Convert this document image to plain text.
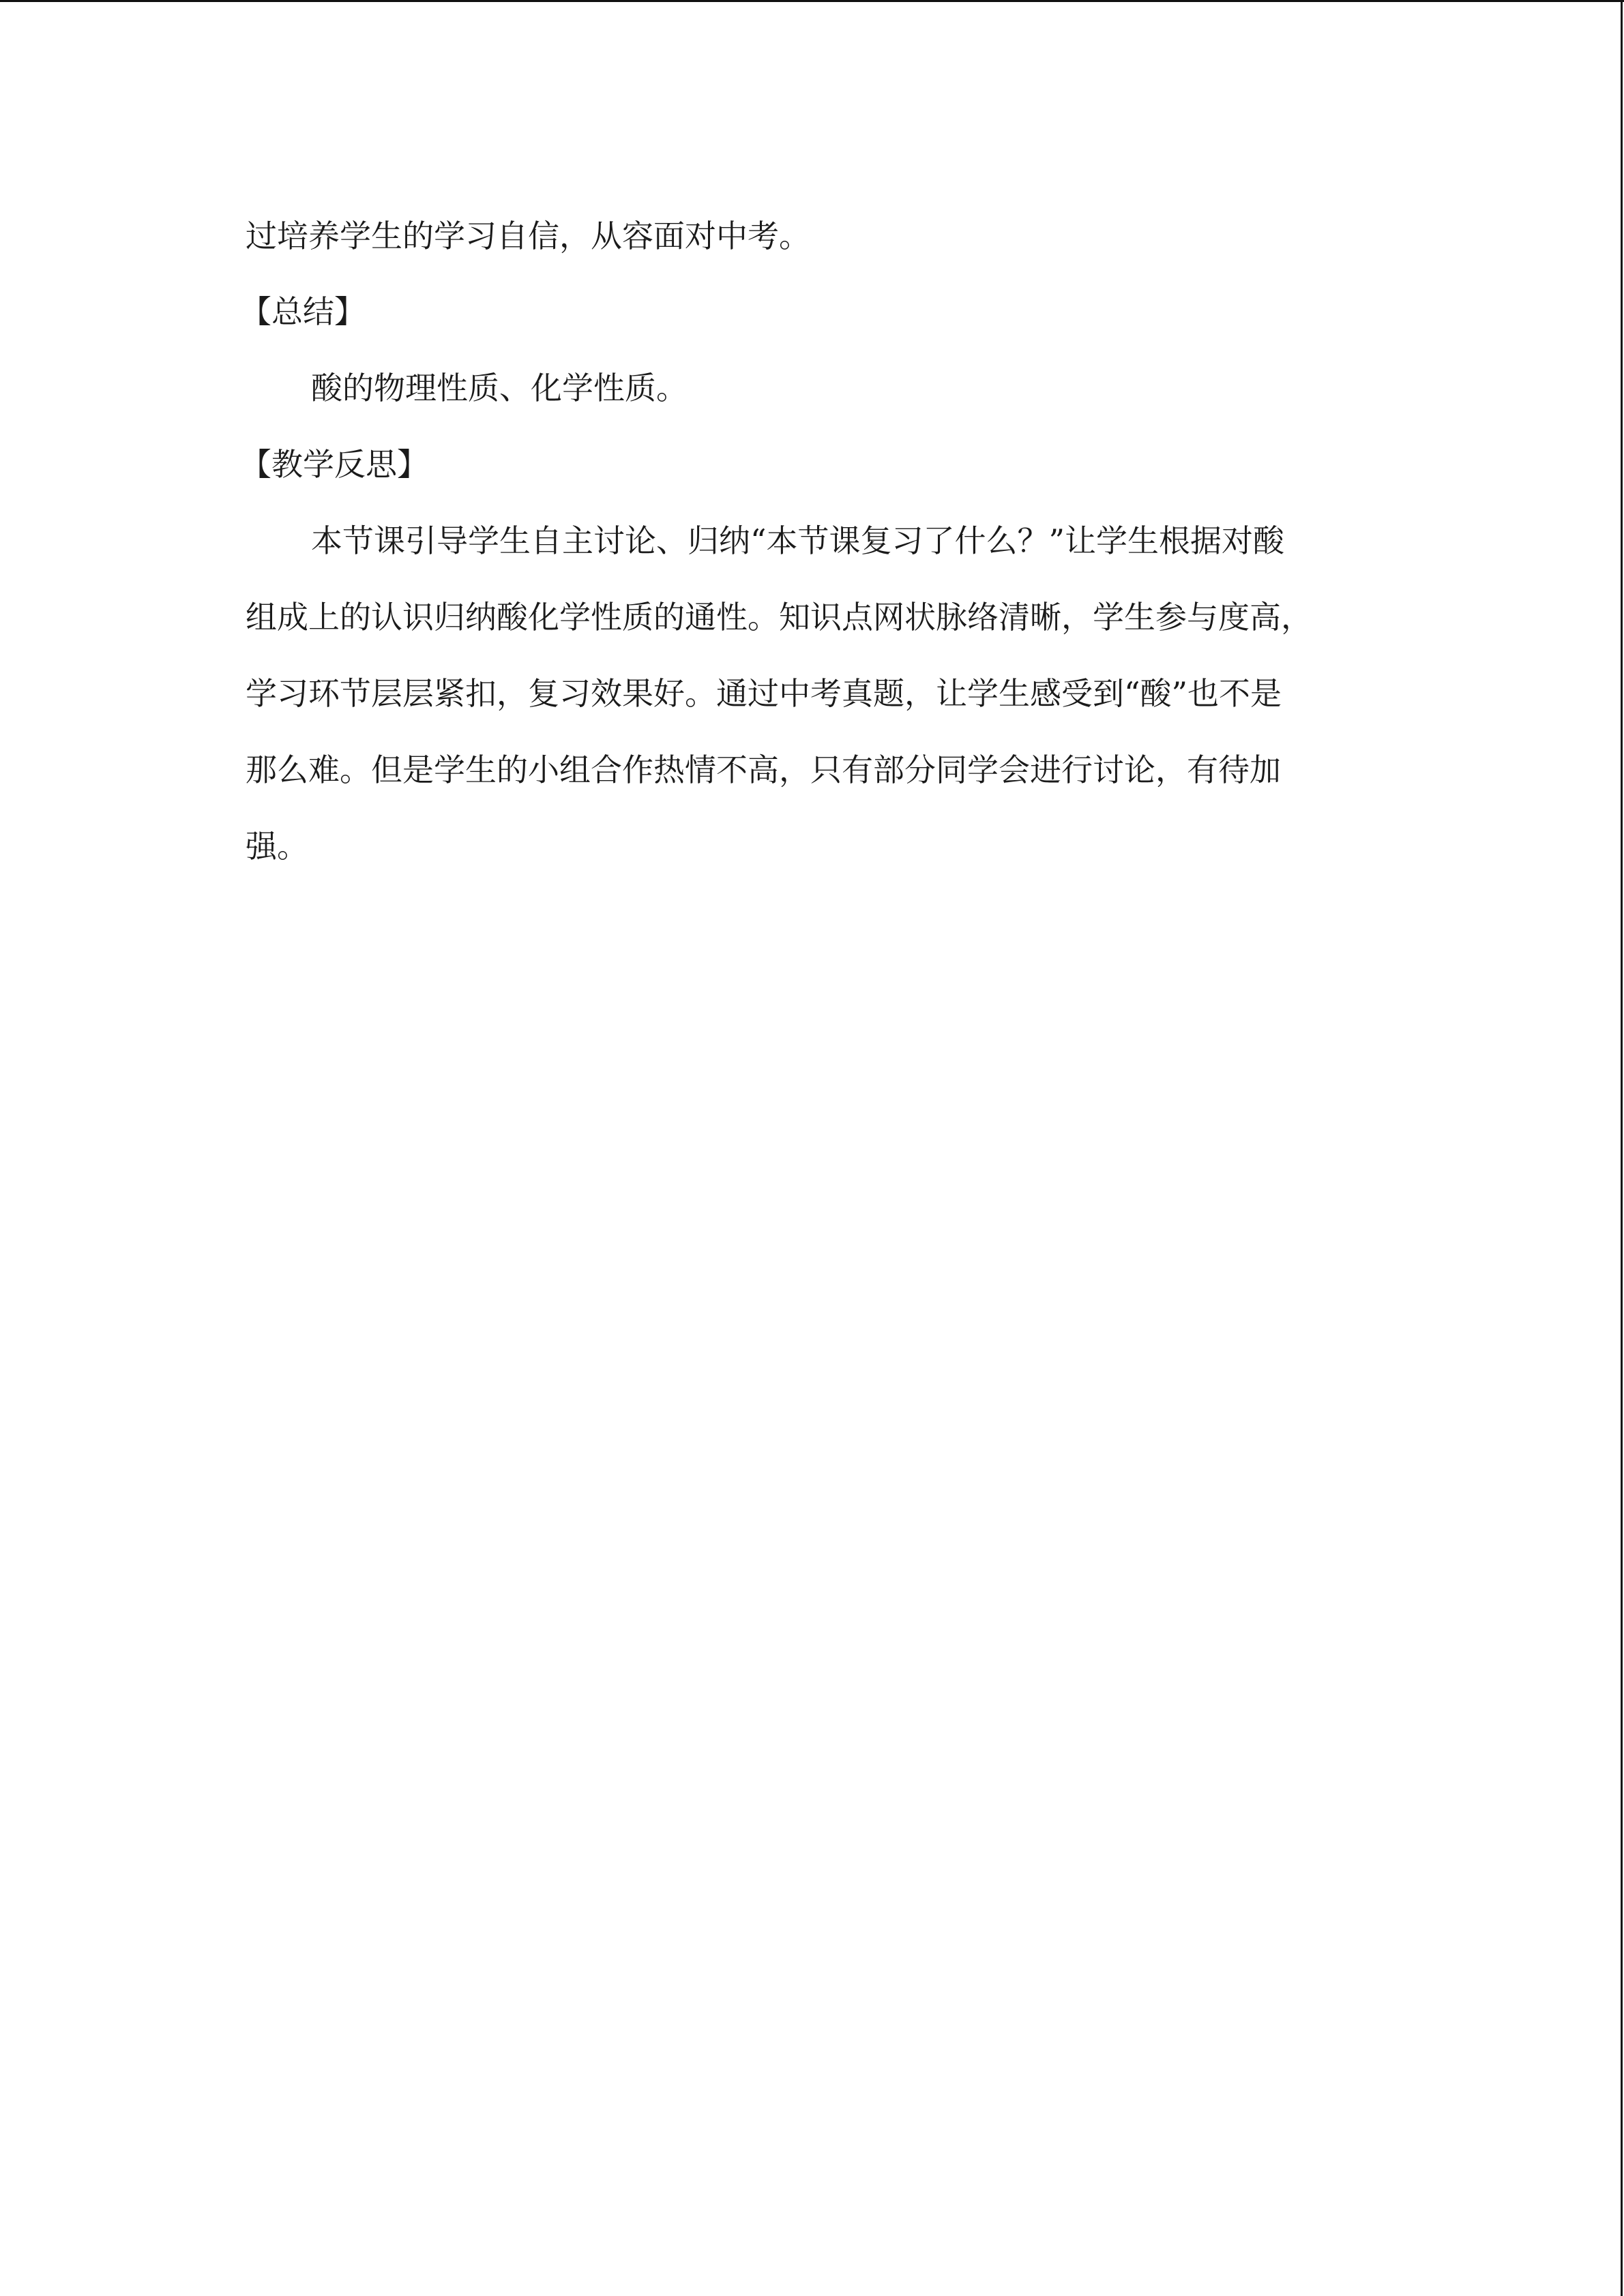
过培养学生的学习自信，从容面对中考。

【总结】

酸的物理性质、化学性质。

【教学反思】

本节课引导学生自主讨论、归纳“本节课复习了什么？”让学生根据对酸
组成上的认识归纳酸化学性质的通性。知识点网状脉络清晰，学生参与度高，
学习环节层层紧扣，复习效果好。通过中考真题，让学生感受到“酸”也不是
那么难。但是学生的小组合作热情不高，只有部分同学会进行讨论，有待加
强。
